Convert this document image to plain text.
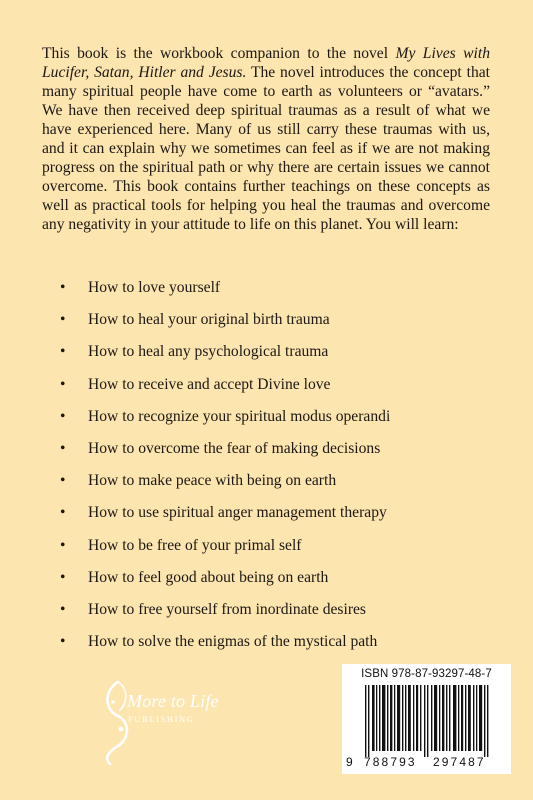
This book is the workbook companion to the novel My Lives with Lucifer, Satan, Hitler and Jesus. The novel introduces the concept that many spiritual people have come to earth as volunteers or “avatars.” We have then received deep spiritual traumas as a result of what we have experienced here. Many of us still carry these traumas with us, and it can explain why we sometimes can feel as if we are not making progress on the spiritual path or why there are certain issues we cannot overcome. This book contains further teachings on these concepts as well as practical tools for helping you heal the traumas and overcome any negativity in your attitude to life on this planet. You will learn:

• How to love yourself
• How to heal your original birth trauma
• How to heal any psychological trauma
• How to receive and accept Divine love
• How to recognize your spiritual modus operandi
• How to overcome the fear of making decisions
• How to make peace with being on earth
• How to use spiritual anger management therapy
• How to be free of your primal self
• How to feel good about being on earth
• How to free yourself from inordinate desires
• How to solve the enigmas of the mystical path
More to Life
PUBLISHING
ISBN 978-87-93297-48-7
9 788793 297487
